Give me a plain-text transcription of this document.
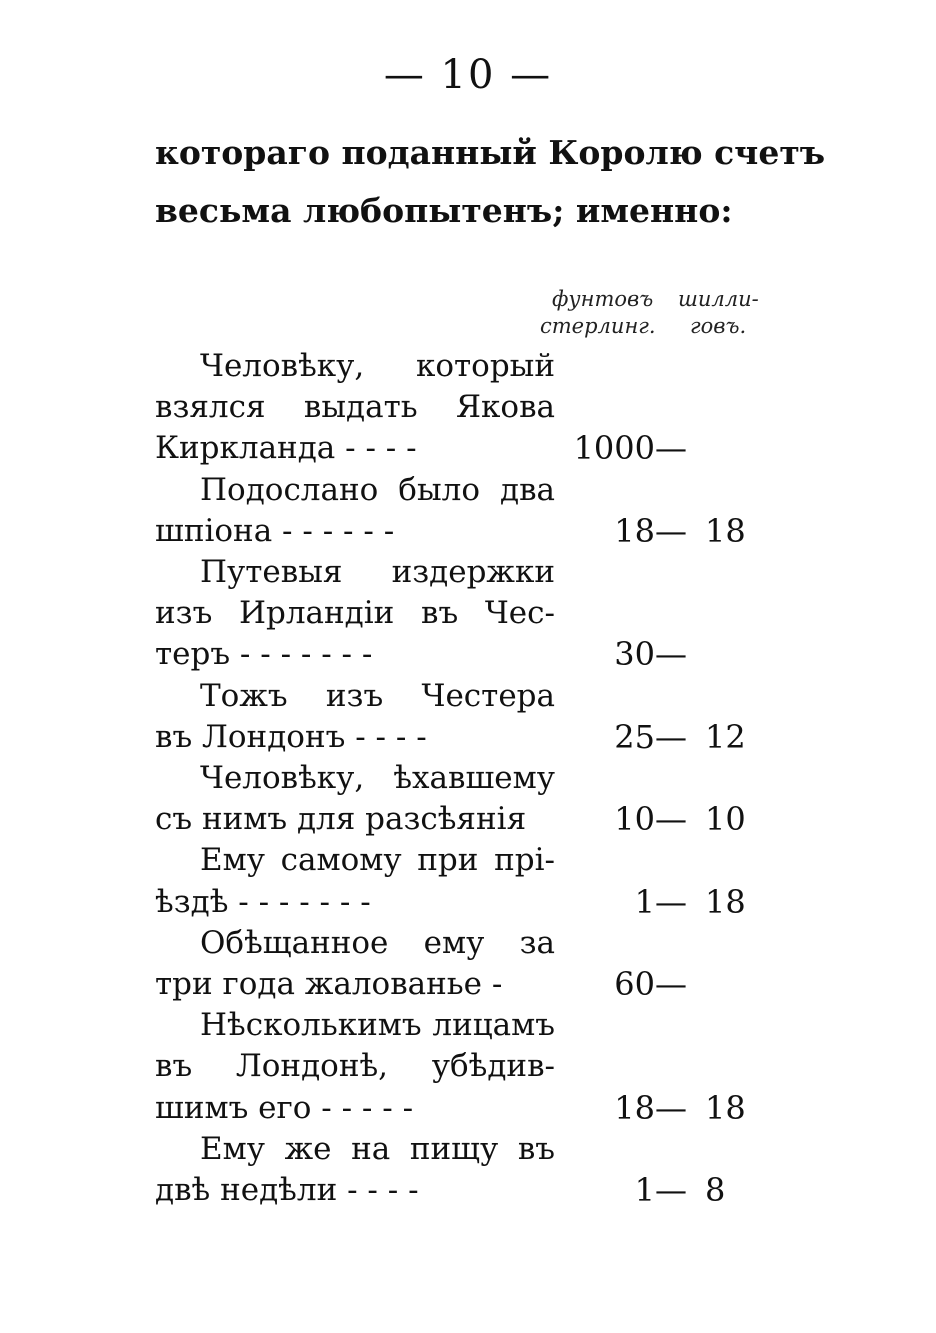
— 10 —
котораго поданный Королю счетъ
весьма любопытенъ; именно:
фунтовъ
стерлинг.
шилли-
говъ.
Человѣку, который
взялся выдать Якова
Кирклaнда - - - -	1000 —
Подослано было два
шпіона - - - - - -	18 — 18
Путевыя издержки
изъ Ирландіи въ Чес-
теръ - - - - - - -	30 —
Тожъ изъ Честера
въ Лондонъ - - - -	25 — 12
Человѣку, ѣхавшему
съ нимъ для разсѣянія	10 — 10
Ему самому при прі-
ѣздѣ - - - - - - -	1 — 18
Обѣщанное ему за
три года жалованье -	60 —
Нѣсколькимъ лицамъ
въ Лондонѣ, убѣдив-
шимъ его - - - - -	18 — 18
Ему же на пищу въ
двѣ недѣли - - - -	1 — 8
